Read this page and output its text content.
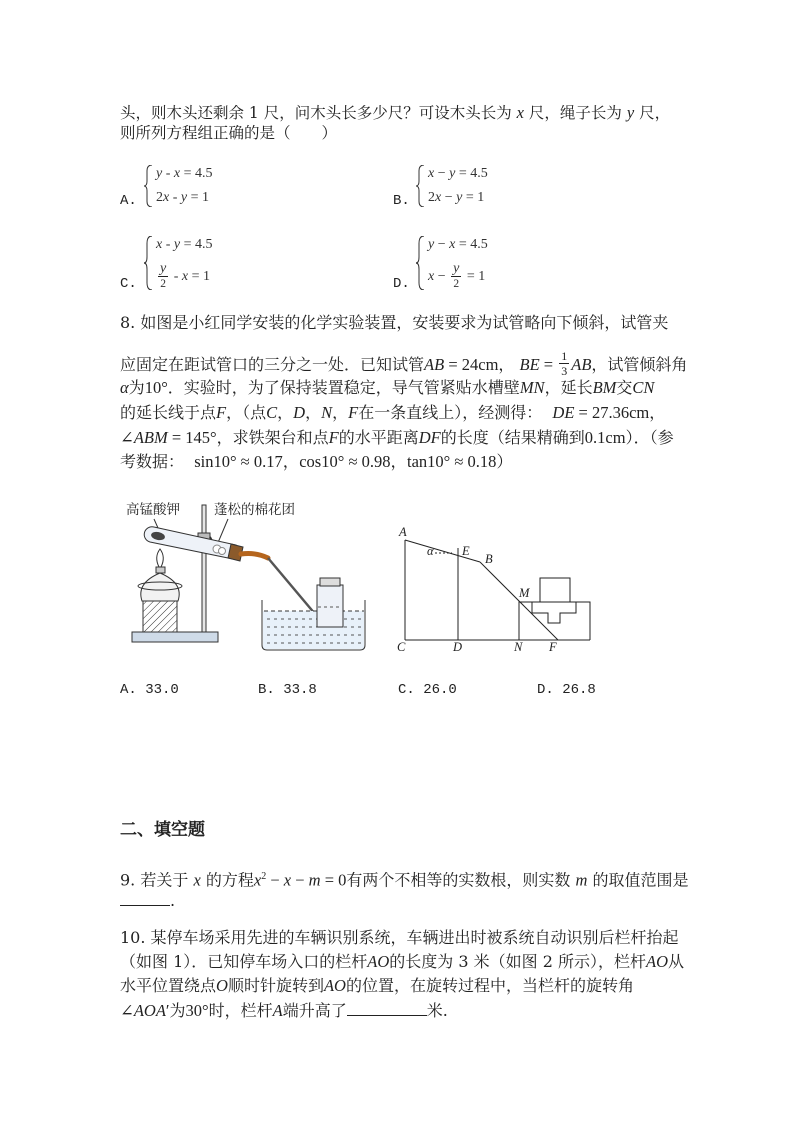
头，则木头还剩余 1 尺，问木头长多少尺？可设木头长为 x 尺，绳子长为 y 尺，
则所列方程组正确的是（　　）
A.
y - x = 4.5
2x - y = 1	B.
x − y = 4.5
2x − y = 1
C.
x - y = 4.5
$\frac{y}{2} - x = 1$	D.
y − x = 4.5
$x - \frac{y}{2} = 1$
8. 如图是小红同学安装的化学实验装置，安装要求为试管略向下倾斜，试管夹
应固定在距试管口的三分之一处．已知试管AB = 24cm， BE = $\frac{1}{3}$ AB，试管倾斜角
α为10°．实验时，为了保持装置稳定，导气管紧贴水槽壁MN，延长BM交CN
的延长线于点F，（点C，D，N，F在一条直线上），经测得：  DE = 27.36cm，
∠ABM = 145°，求铁架台和点F的水平距离DF的长度（结果精确到0.1cm）．（参
考数据：  sin10° ≈ 0.17，cos10° ≈ 0.98，tan10° ≈ 0.18）
高锰酸钾	蓬松的棉花团
A
α E
B
M
C	D	N F
A. 33.0	B. 33.8	C. 26.0	D. 26.8
二、填空题
9. 若关于 x 的方程$x^2 - x - m = 0$有两个不相等的实数根，则实数 m 的取值范围是
.
10. 某停车场采用先进的车辆识别系统，车辆进出时被系统自动识别后栏杆抬起
（如图 1）．已知停车场入口的栏杆AO的长度为 3 米（如图 2 所示），栏杆AO从
水平位置绕点O顺时针旋转到AO的位置，在旋转过程中，当栏杆的旋转角
∠AOA′为30°时，栏杆A端升高了	米.
